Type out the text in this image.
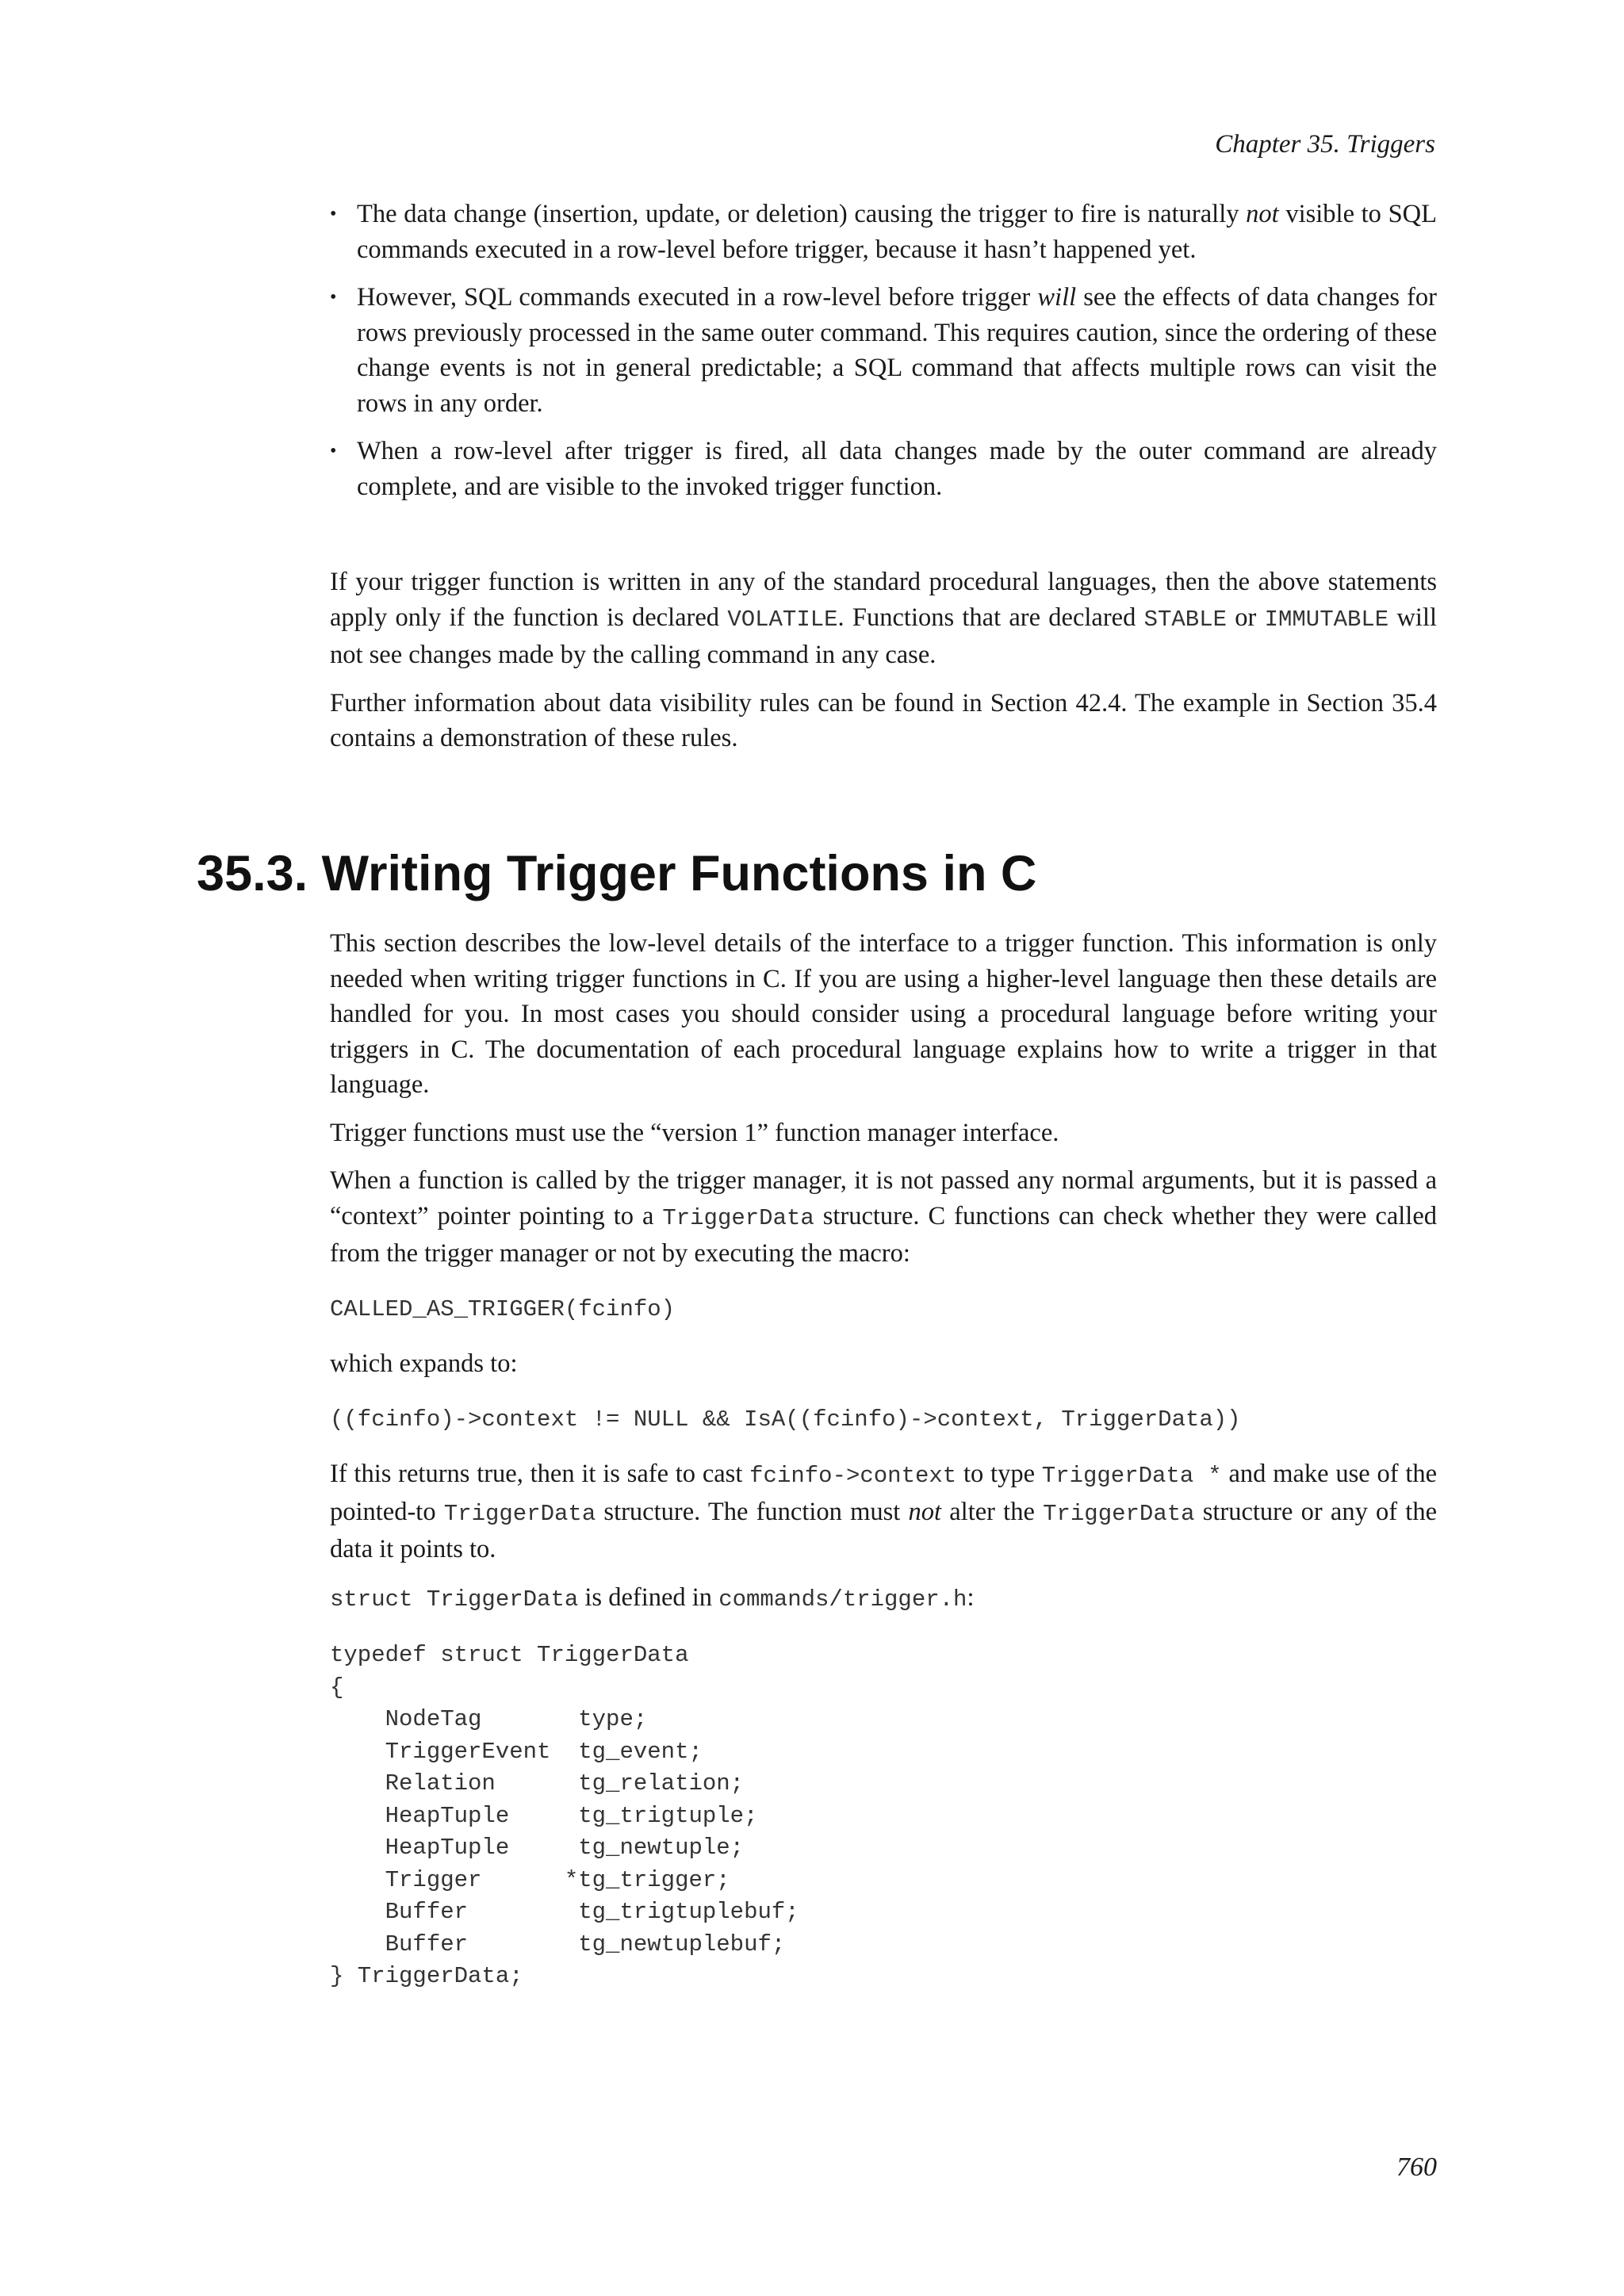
Chapter 35. Triggers
• The data change (insertion, update, or deletion) causing the trigger to fire is naturally not visible to SQL commands executed in a row-level before trigger, because it hasn’t happened yet.
• However, SQL commands executed in a row-level before trigger will see the effects of data changes for rows previously processed in the same outer command. This requires caution, since the ordering of these change events is not in general predictable; a SQL command that affects multiple rows can visit the rows in any order.
• When a row-level after trigger is fired, all data changes made by the outer command are already complete, and are visible to the invoked trigger function.

If your trigger function is written in any of the standard procedural languages, then the above statements apply only if the function is declared VOLATILE. Functions that are declared STABLE or IMMUTABLE will not see changes made by the calling command in any case.

Further information about data visibility rules can be found in Section 42.4. The example in Section 35.4 contains a demonstration of these rules.

35.3. Writing Trigger Functions in C

This section describes the low-level details of the interface to a trigger function. This information is only needed when writing trigger functions in C. If you are using a higher-level language then these details are handled for you. In most cases you should consider using a procedural language before writing your triggers in C. The documentation of each procedural language explains how to write a trigger in that language.

Trigger functions must use the “version 1” function manager interface.

When a function is called by the trigger manager, it is not passed any normal arguments, but it is passed a “context” pointer pointing to a TriggerData structure. C functions can check whether they were called from the trigger manager or not by executing the macro:

CALLED_AS_TRIGGER(fcinfo)

which expands to:

((fcinfo)->context != NULL && IsA((fcinfo)->context, TriggerData))

If this returns true, then it is safe to cast fcinfo->context to type TriggerData * and make use of the pointed-to TriggerData structure. The function must not alter the TriggerData structure or any of the data it points to.

struct TriggerData is defined in commands/trigger.h:

typedef struct TriggerData
{
NodeTag       type;
TriggerEvent  tg_event;
Relation      tg_relation;
HeapTuple     tg_trigtuple;
HeapTuple     tg_newtuple;
Trigger      *tg_trigger;
Buffer        tg_trigtuplebuf;
Buffer        tg_newtuplebuf;
} TriggerData;
760
